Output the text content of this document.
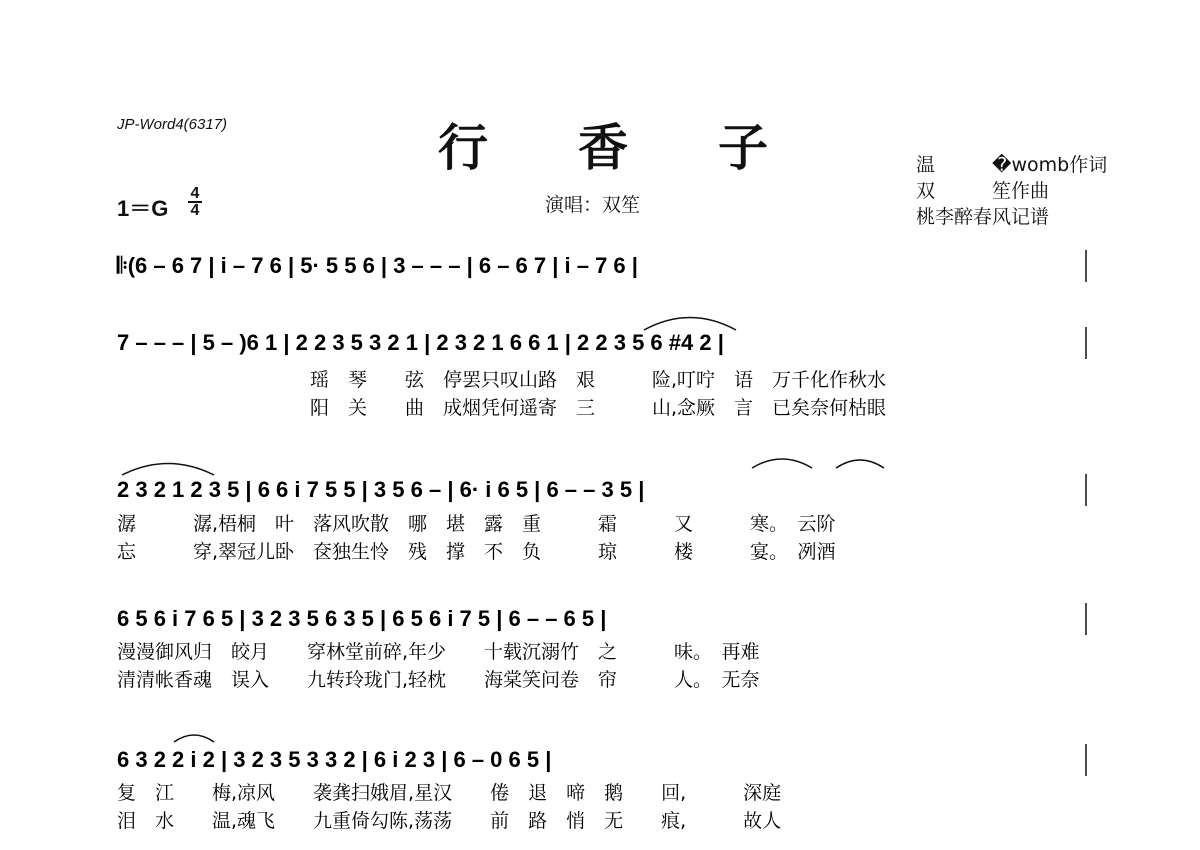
JP-Word4(6317)	行香子
演唱：双笙
温　　　�womb作词
双　　　笙作曲
桃李醉春风记谱
1＝G
4
4
𝄆(6 – 6 7 | i – 7 6 | 5· 5 5 6 | 3 – – – | 6 – 6 7 | i – 7 6 |
7 – – – | 5 – )6 1 | 2 2 3 5 3 2 1 | 2 3 2 1 6 6 1 | 2 2 3 5 6 #4 2 |
瑶　琴　　弦　停罢只叹山路　艰　　　险,叮咛　语　万千化作秋水
阳　关　　曲　成烟凭何遥寄　三　　　山,念厥　言　已矣奈何枯眼
2 3 2 1 2 3 5 | 6 6 i 7 5 5 | 3 5 6 – | 6· i 6 5 | 6 – – 3 5 |
潺　　　潺,梧桐　叶　落风吹散　哪　堪　露　重　　　霜　　　又　　　寒。　云阶
忘　　　穿,翠冠儿卧　奁独生怜　残　撑　不　负　　　琼　　　楼　　　宴。　冽酒
6 5 6 i 7 6 5 | 3 2 3 5 6 3 5 | 6 5 6 i 7 5 | 6 – – 6 5 |
漫漫御风归　皎月　　穿林堂前碎,年少　　十载沉溺竹　之　　　味。　再难
清清帐香魂　误入　　九转玲珑门,轻枕　　海棠笑问卷　帘　　　人。　无奈
6 3 2 2 i 2 | 3 2 3 5 3 3 2 | 6 i 2 3 | 6 – 0 6 5 |
复　江　　梅,凉风　　袭龚扫娥眉,星汉　　倦　退　啼　鹅　　回,　　　深庭
泪　水　　温,魂飞　　九重倚勾陈,荡荡　　前　路　悄　无　　痕,　　　故人
